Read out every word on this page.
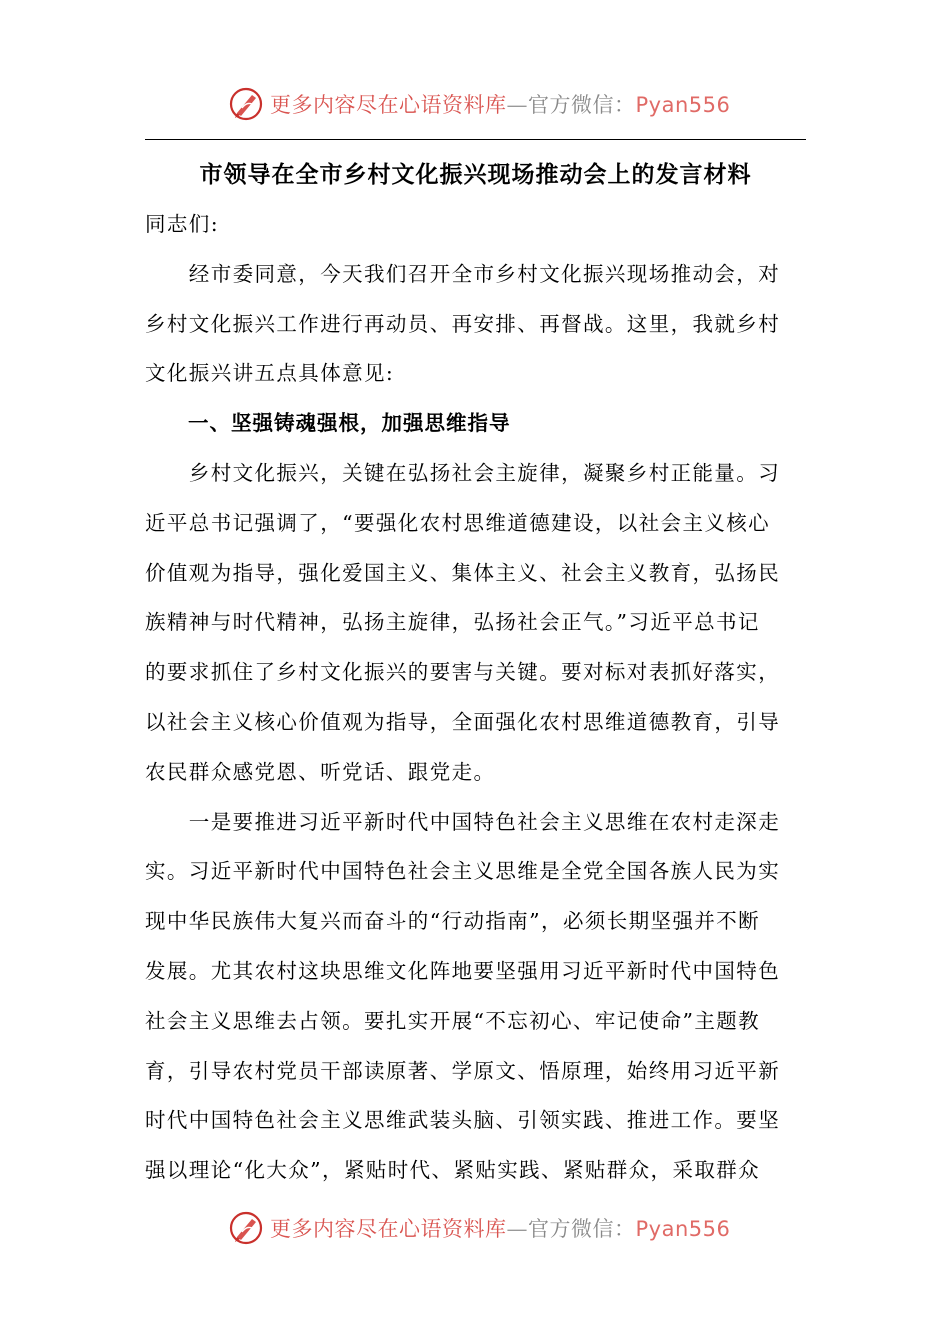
更多内容尽在心语资料库—官方微信：Pyan556
市领导在全市乡村文化振兴现场推动会上的发言材料
同志们:
　　经市委同意，今天我们召开全市乡村文化振兴现场推动会，对
乡村文化振兴工作进行再动员、再安排、再督战。这里，我就乡村
文化振兴讲五点具体意见:
　　一、坚强铸魂强根，加强思维指导
　　乡村文化振兴，关键在弘扬社会主旋律，凝聚乡村正能量。习
近平总书记强调了，“要强化农村思维道德建设，以社会主义核心
价值观为指导，强化爱国主义、集体主义、社会主义教育，弘扬民
族精神与时代精神，弘扬主旋律，弘扬社会正气。”习近平总书记
的要求抓住了乡村文化振兴的要害与关键。要对标对表抓好落实，
以社会主义核心价值观为指导，全面强化农村思维道德教育，引导
农民群众感党恩、听党话、跟党走。
　　一是要推进习近平新时代中国特色社会主义思维在农村走深走
实。习近平新时代中国特色社会主义思维是全党全国各族人民为实
现中华民族伟大复兴而奋斗的“行动指南”，必须长期坚强并不断
发展。尤其农村这块思维文化阵地要坚强用习近平新时代中国特色
社会主义思维去占领。要扎实开展“不忘初心、牢记使命”主题教
育，引导农村党员干部读原著、学原文、悟原理，始终用习近平新
时代中国特色社会主义思维武装头脑、引领实践、推进工作。要坚
强以理论“化大众”，紧贴时代、紧贴实践、紧贴群众，采取群众
更多内容尽在心语资料库—官方微信：Pyan556
